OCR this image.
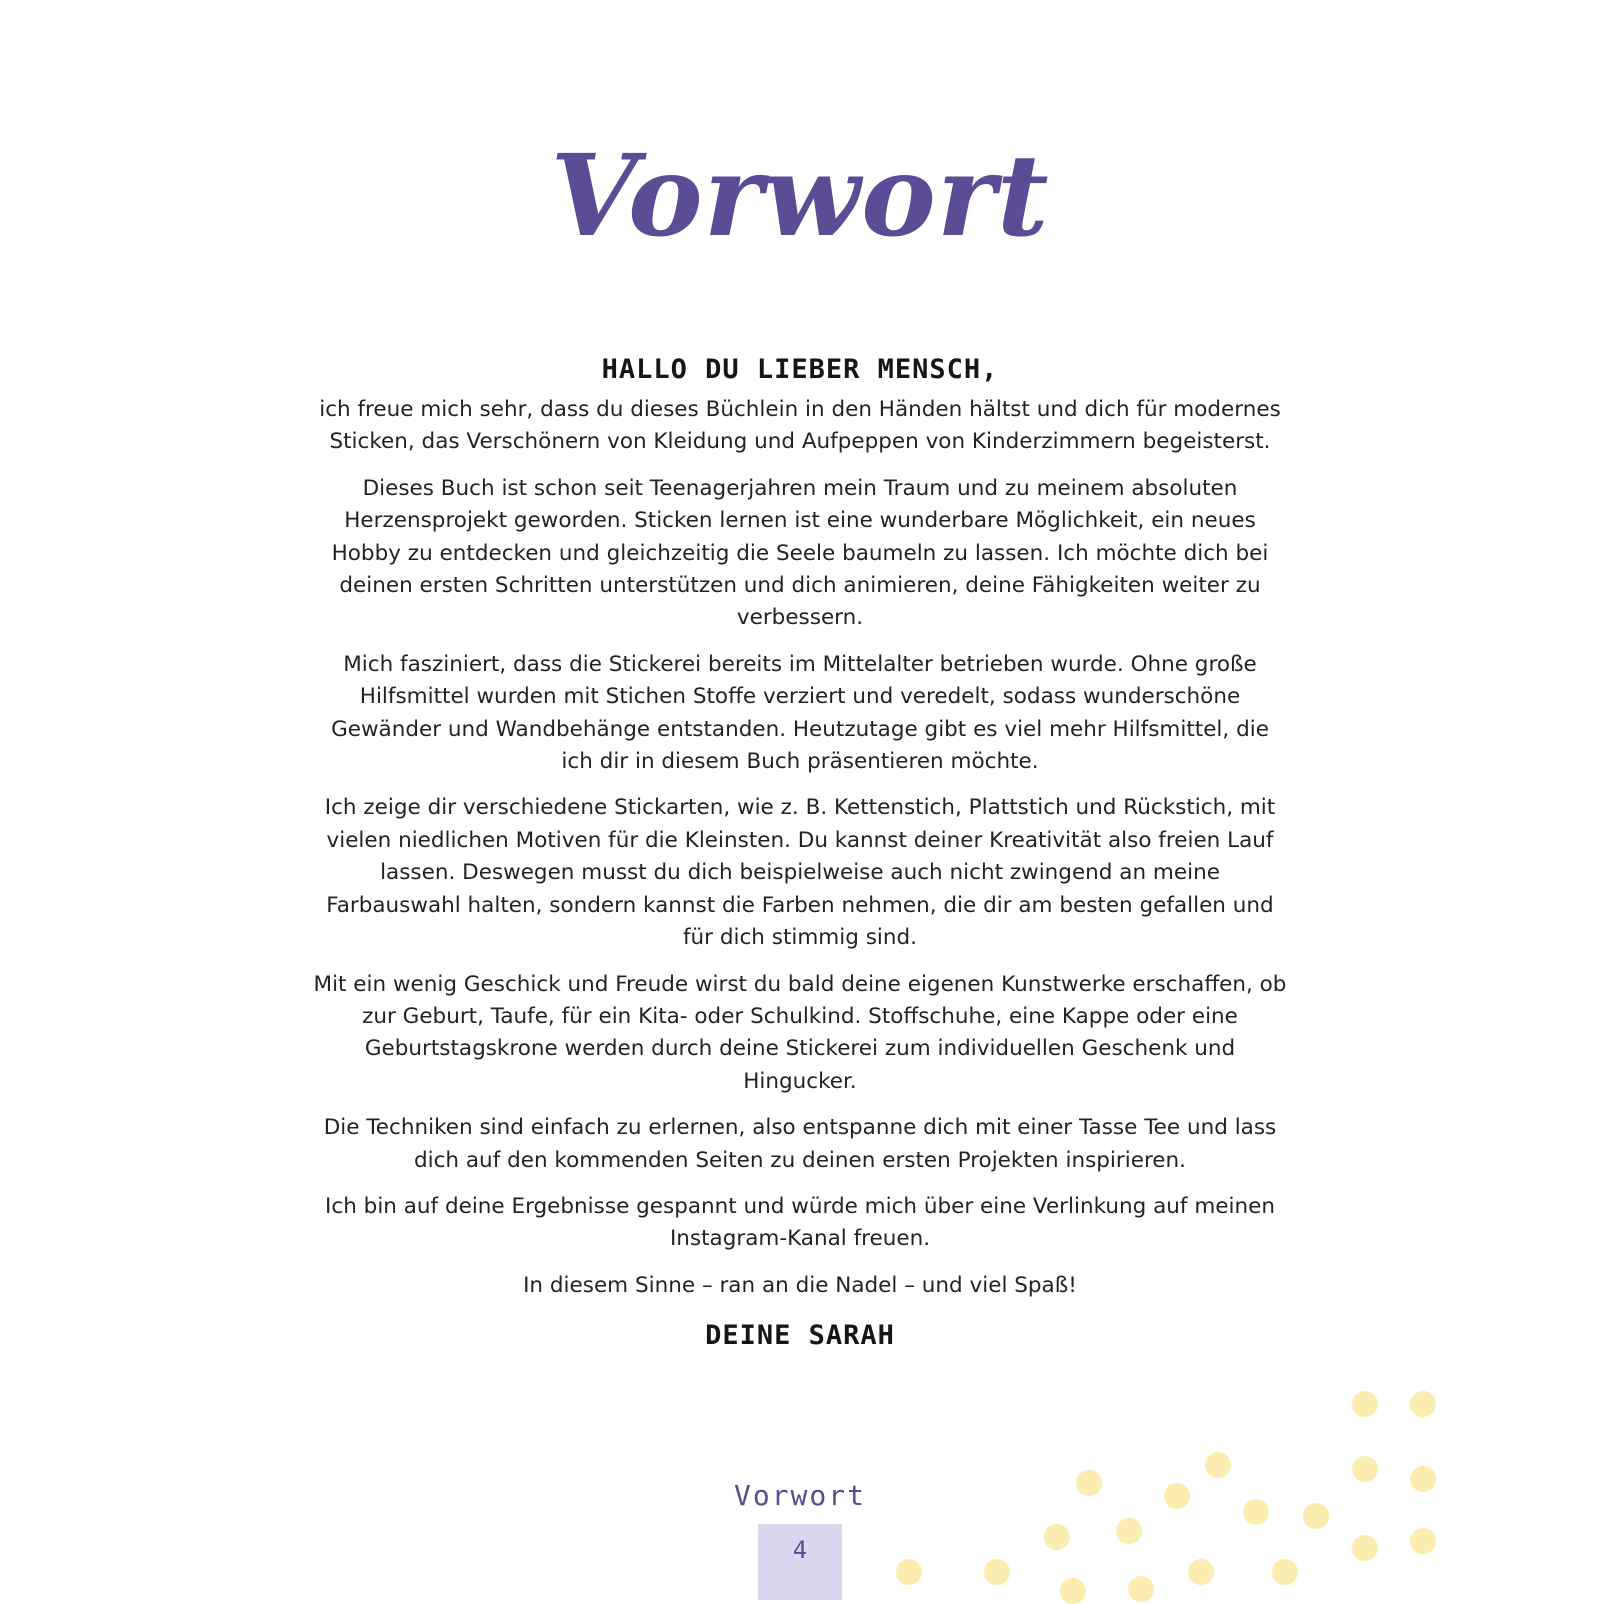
Vorwort
HALLO DU LIEBER MENSCH,

ich freue mich sehr, dass du dieses Büchlein in den Händen hältst und dich für modernes Sticken, das Verschönern von Kleidung und Aufpeppen von Kinderzimmern begeisterst.

Dieses Buch ist schon seit Teenagerjahren mein Traum und zu meinem absoluten Herzensprojekt geworden. Sticken lernen ist eine wunderbare Möglichkeit, ein neues Hobby zu entdecken und gleichzeitig die Seele baumeln zu lassen. Ich möchte dich bei deinen ersten Schritten unterstützen und dich animieren, deine Fähigkeiten weiter zu verbessern.

Mich fasziniert, dass die Stickerei bereits im Mittelalter betrieben wurde. Ohne große Hilfsmittel wurden mit Stichen Stoffe verziert und veredelt, sodass wunderschöne Gewänder und Wandbehänge entstanden. Heutzutage gibt es viel mehr Hilfsmittel, die ich dir in diesem Buch präsentieren möchte.

Ich zeige dir verschiedene Stickarten, wie z. B. Kettenstich, Plattstich und Rückstich, mit vielen niedlichen Motiven für die Kleinsten. Du kannst deiner Kreativität also freien Lauf lassen. Deswegen musst du dich beispielweise auch nicht zwingend an meine Farbauswahl halten, sondern kannst die Farben nehmen, die dir am besten gefallen und für dich stimmig sind.

Mit ein wenig Geschick und Freude wirst du bald deine eigenen Kunstwerke erschaffen, ob zur Geburt, Taufe, für ein Kita- oder Schulkind. Stoffschuhe, eine Kappe oder eine Geburtstagskrone werden durch deine Stickerei zum individuellen Geschenk und Hingucker.

Die Techniken sind einfach zu erlernen, also entspanne dich mit einer Tasse Tee und lass dich auf den kommenden Seiten zu deinen ersten Projekten inspirieren.

Ich bin auf deine Ergebnisse gespannt und würde mich über eine Verlinkung auf meinen Instagram-Kanal freuen.

In diesem Sinne – ran an die Nadel – und viel Spaß!

DEINE SARAH
Vorwort
4
